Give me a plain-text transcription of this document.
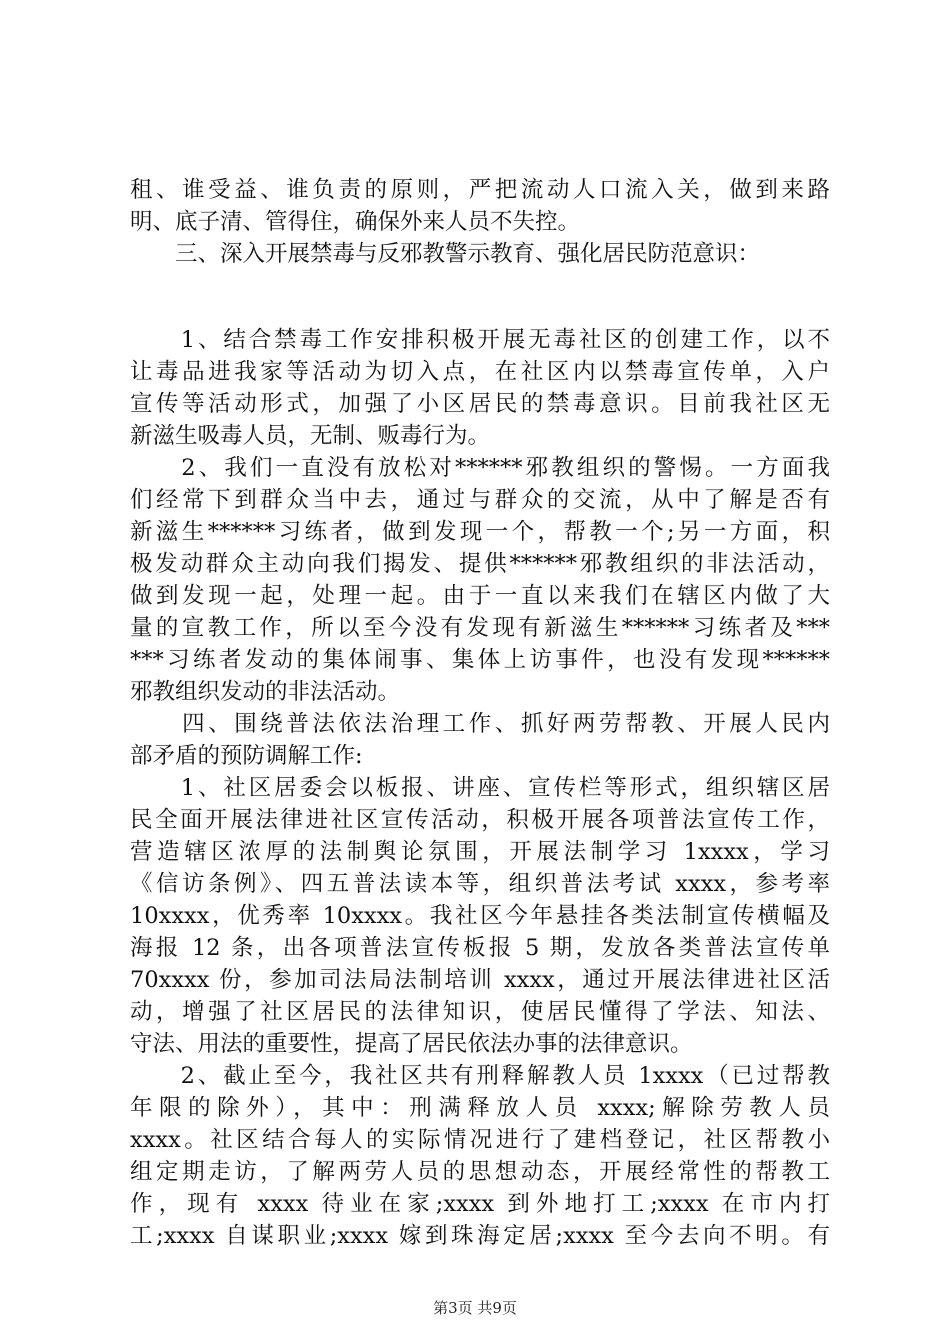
租、谁受益、谁负责的原则，严把流动人口流入关，做到来路
明、底子清、管得住，确保外来人员不失控。
　　三、深入开展禁毒与反邪教警示教育、强化居民防范意识：
　　1、结合禁毒工作安排积极开展无毒社区的创建工作，以不
让毒品进我家等活动为切入点，在社区内以禁毒宣传单，入户
宣传等活动形式，加强了小区居民的禁毒意识。目前我社区无
新滋生吸毒人员，无制、贩毒行为。
　　2、我们一直没有放松对******邪教组织的警惕。一方面我
们经常下到群众当中去，通过与群众的交流，从中了解是否有
新滋生******习练者，做到发现一个，帮教一个;另一方面，积
极发动群众主动向我们揭发、提供******邪教组织的非法活动，
做到发现一起，处理一起。由于一直以来我们在辖区内做了大
量的宣教工作，所以至今没有发现有新滋生******习练者及***
***习练者发动的集体闹事、集体上访事件，也没有发现******
邪教组织发动的非法活动。
　　四、围绕普法依法治理工作、抓好两劳帮教、开展人民内
部矛盾的预防调解工作:
　　1、社区居委会以板报、讲座、宣传栏等形式，组织辖区居
民全面开展法律进社区宣传活动，积极开展各项普法宣传工作，
营造辖区浓厚的法制舆论氛围，开展法制学习 1xxxx，学习
《信访条例》、四五普法读本等，组织普法考试 xxxx，参考率
10xxxx，优秀率 10xxxx。我社区今年悬挂各类法制宣传横幅及
海报 12 条，出各项普法宣传板报 5 期，发放各类普法宣传单
70xxxx 份，参加司法局法制培训 xxxx，通过开展法律进社区活
动，增强了社区居民的法律知识，使居民懂得了学法、知法、
守法、用法的重要性，提高了居民依法办事的法律意识。
　　2、截止至今，我社区共有刑释解教人员 1xxxx（已过帮教
年限的除外），其中：刑满释放人员 xxxx;解除劳教人员
xxxx。社区结合每人的实际情况进行了建档登记，社区帮教小
组定期走访，了解两劳人员的思想动态，开展经常性的帮教工
作，现有 xxxx 待业在家;xxxx 到外地打工;xxxx 在市内打
工;xxxx 自谋职业;xxxx 嫁到珠海定居;xxxx 至今去向不明。有
第3页 共9页
